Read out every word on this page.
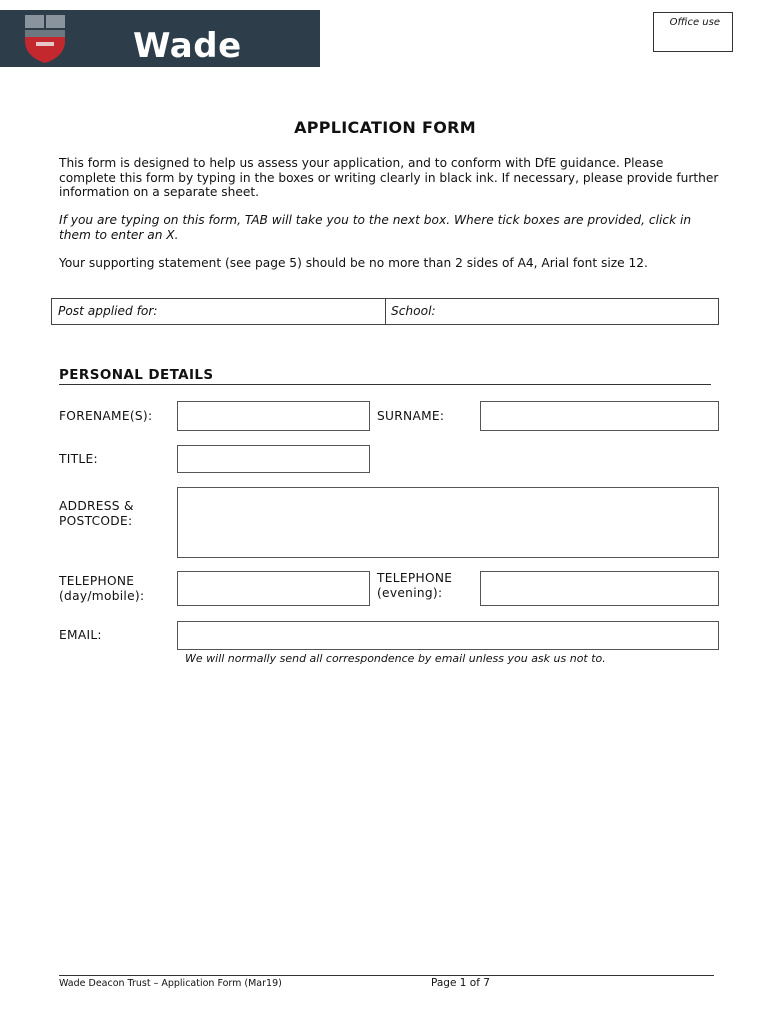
Wade
Office use
APPLICATION FORM

This form is designed to help us assess your application, and to conform with DfE guidance. Please complete this form by typing in the boxes or writing clearly in black ink. If necessary, please provide further information on a separate sheet.

If you are typing on this form, TAB will take you to the next box. Where tick boxes are provided, click in them to enter an X.

Your supporting statement (see page 5) should be no more than 2 sides of A4, Arial font size 12.

Post applied for:	School:
PERSONAL DETAILS
FORENAME(S):	SURNAME:
TITLE:
ADDRESS &
POSTCODE:
TELEPHONE
(day/mobile):
TELEPHONE
(evening):
EMAIL:
We will normally send all correspondence by email unless you ask us not to.
Wade Deacon Trust – Application Form (Mar19)	Page 1 of 7
